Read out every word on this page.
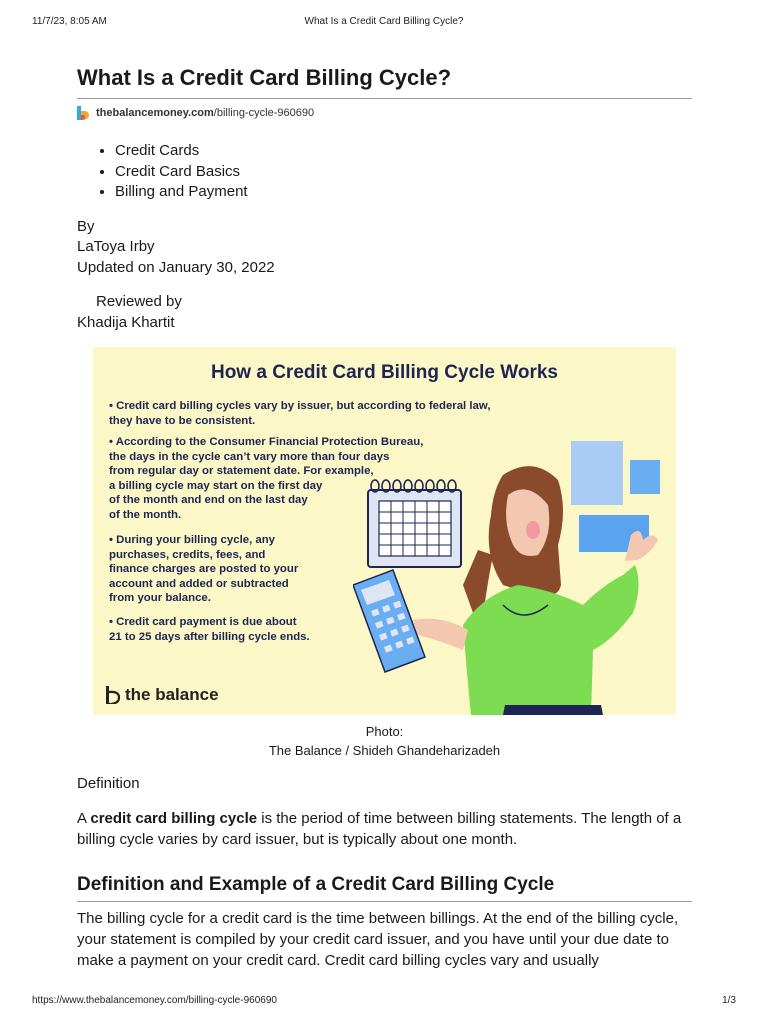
11/7/23, 8:05 AM	What Is a Credit Card Billing Cycle?
What Is a Credit Card Billing Cycle?
thebalancemoney.com /billing-cycle-960690
• Credit Cards
• Credit Card Basics
• Billing and Payment
By
LaToya Irby
Updated on January 30, 2022
Reviewed by
Khadija Khartit
How a Credit Card Billing Cycle Works
• Credit card billing cycles vary by issuer, but according to federal law,
they have to be consistent.
• According to the Consumer Financial Protection Bureau,
the days in the cycle can’t vary more than four days
from regular day or statement date. For example,
a billing cycle may start on the first day
of the month and end on the last day
of the month.
• During your billing cycle, any
purchases, credits, fees, and
finance charges are posted to your
account and added or subtracted
from your balance.
• Credit card payment is due about
21 to 25 days after billing cycle ends.
the balance
Photo:
The Balance / Shideh Ghandeharizadeh
Definition

A credit card billing cycle is the period of time between billing statements. The length of a billing cycle varies by card issuer, but is typically about one month.

Definition and Example of a Credit Card Billing Cycle

The billing cycle for a credit card is the time between billings. At the end of the billing cycle, your statement is compiled by your credit card issuer, and you have until your due date to make a payment on your credit card. Credit card billing cycles vary and usually

https://www.thebalancemoney.com/billing-cycle-960690	1/3
